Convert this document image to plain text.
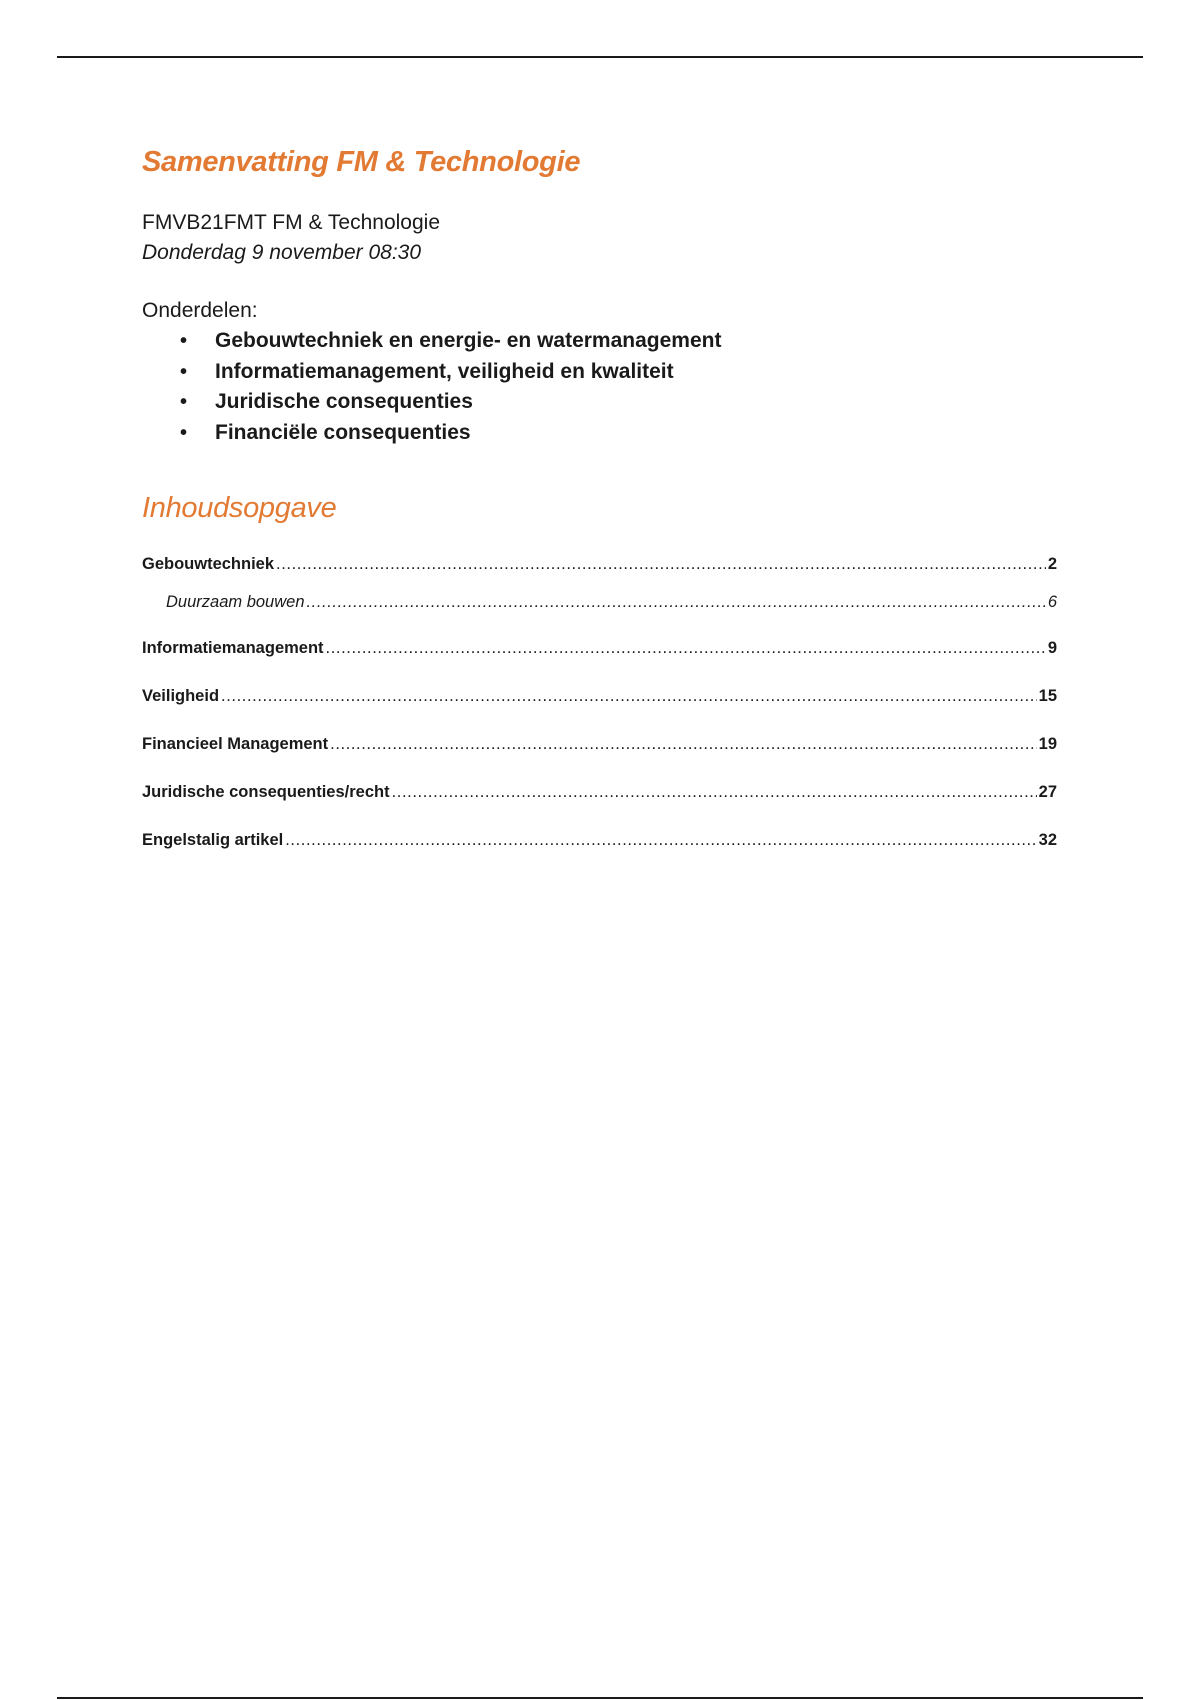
Samenvatting FM & Technologie

FMVB21FMT FM & Technologie

Donderdag 9 november 08:30

Onderdelen:

• Gebouwtechniek en energie- en watermanagement
• Informatiemanagement, veiligheid en kwaliteit
• Juridische consequenties
• Financiële consequenties
Inhoudsopgave
Gebouwtechniek .....	2
Duurzaam bouwen .....	6
Informatiemanagement .....	9
Veiligheid .....	15
Financieel Management .....	19
Juridische consequenties/recht .....	27
Engelstalig artikel .....	32
